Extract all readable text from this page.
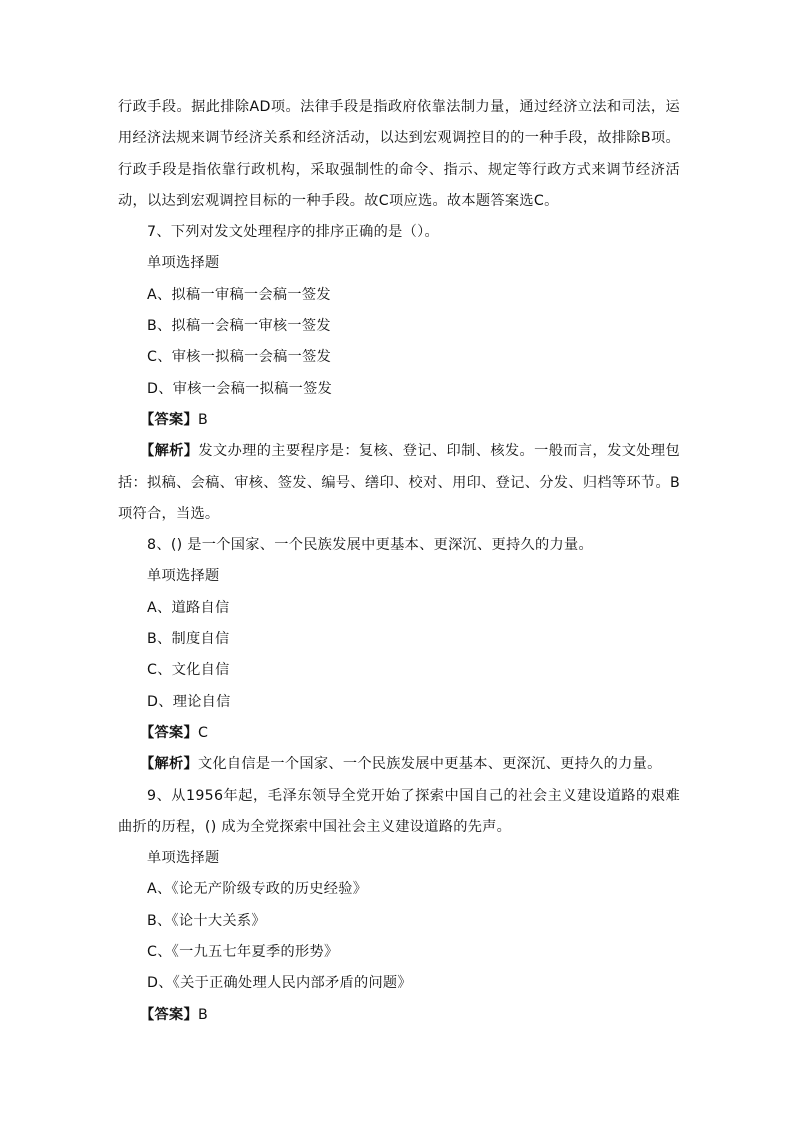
行政手段。据此排除AD项。法律手段是指政府依靠法制力量，通过经济立法和司法，运用经济法规来调节经济关系和经济活动，以达到宏观调控目的的一种手段，故排除B项。行政手段是指依靠行政机构，采取强制性的命令、指示、规定等行政方式来调节经济活动，以达到宏观调控目标的一种手段。故C项应选。故本题答案选C。

7、下列对发文处理程序的排序正确的是（）。

单项选择题

A、拟稿一审稿一会稿一签发

B、拟稿一会稿一审核一签发

C、审核一拟稿一会稿一签发

D、审核一会稿一拟稿一签发

【答案】B

【解析】发文办理的主要程序是：复核、登记、印制、核发。一般而言，发文处理包括：拟稿、会稿、审核、签发、编号、缮印、校对、用印、登记、分发、归档等环节。B项符合，当选。

8、() 是一个国家、一个民族发展中更基本、更深沉、更持久的力量。

单项选择题

A、道路自信

B、制度自信

C、文化自信

D、理论自信

【答案】C

【解析】文化自信是一个国家、一个民族发展中更基本、更深沉、更持久的力量。

9、从1956年起，毛泽东领导全党开始了探索中国自己的社会主义建设道路的艰难曲折的历程，() 成为全党探索中国社会主义建设道路的先声。

单项选择题

A、《论无产阶级专政的历史经验》

B、《论十大关系》

C、《一九五七年夏季的形势》

D、《关于正确处理人民内部矛盾的问题》

【答案】B
